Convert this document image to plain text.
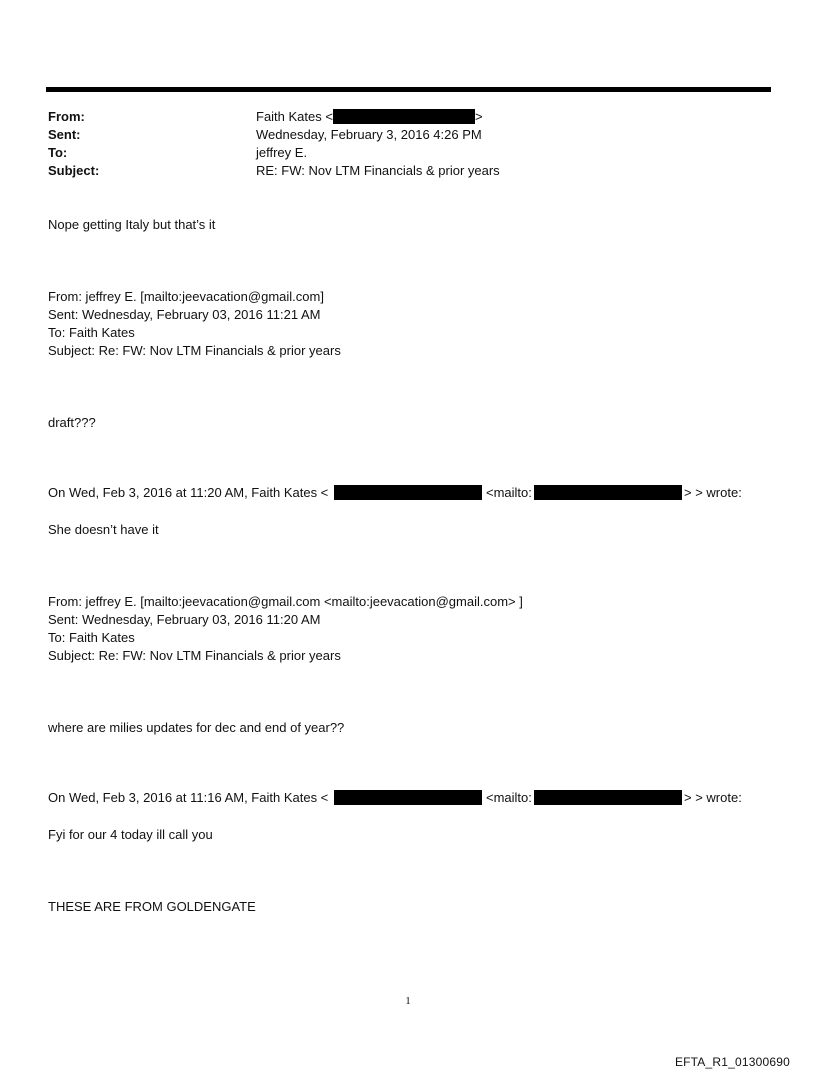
From:	Faith Kates <	>
Sent:	Wednesday, February 3, 2016 4:26 PM
To:	jeffrey E.
Subject:	RE: FW: Nov LTM Financials & prior years
Nope getting Italy but that’s it
From: jeffrey E. [mailto:jeevacation@gmail.com]
Sent: Wednesday, February 03, 2016 11:21 AM
To: Faith Kates
Subject: Re: FW: Nov LTM Financials & prior years
draft???
On Wed, Feb 3, 2016 at 11:20 AM, Faith Kates <	<mailto:	> > wrote:
She doesn’t have it
From: jeffrey E. [mailto:jeevacation@gmail.com <mailto:jeevacation@gmail.com> ]
Sent: Wednesday, February 03, 2016 11:20 AM
To: Faith Kates
Subject: Re: FW: Nov LTM Financials & prior years
where are milies updates for dec and end of year??
On Wed, Feb 3, 2016 at 11:16 AM, Faith Kates <	<mailto:	> > wrote:
Fyi for our 4 today ill call you
THESE ARE FROM GOLDENGATE
1
EFTA_R1_01300690
